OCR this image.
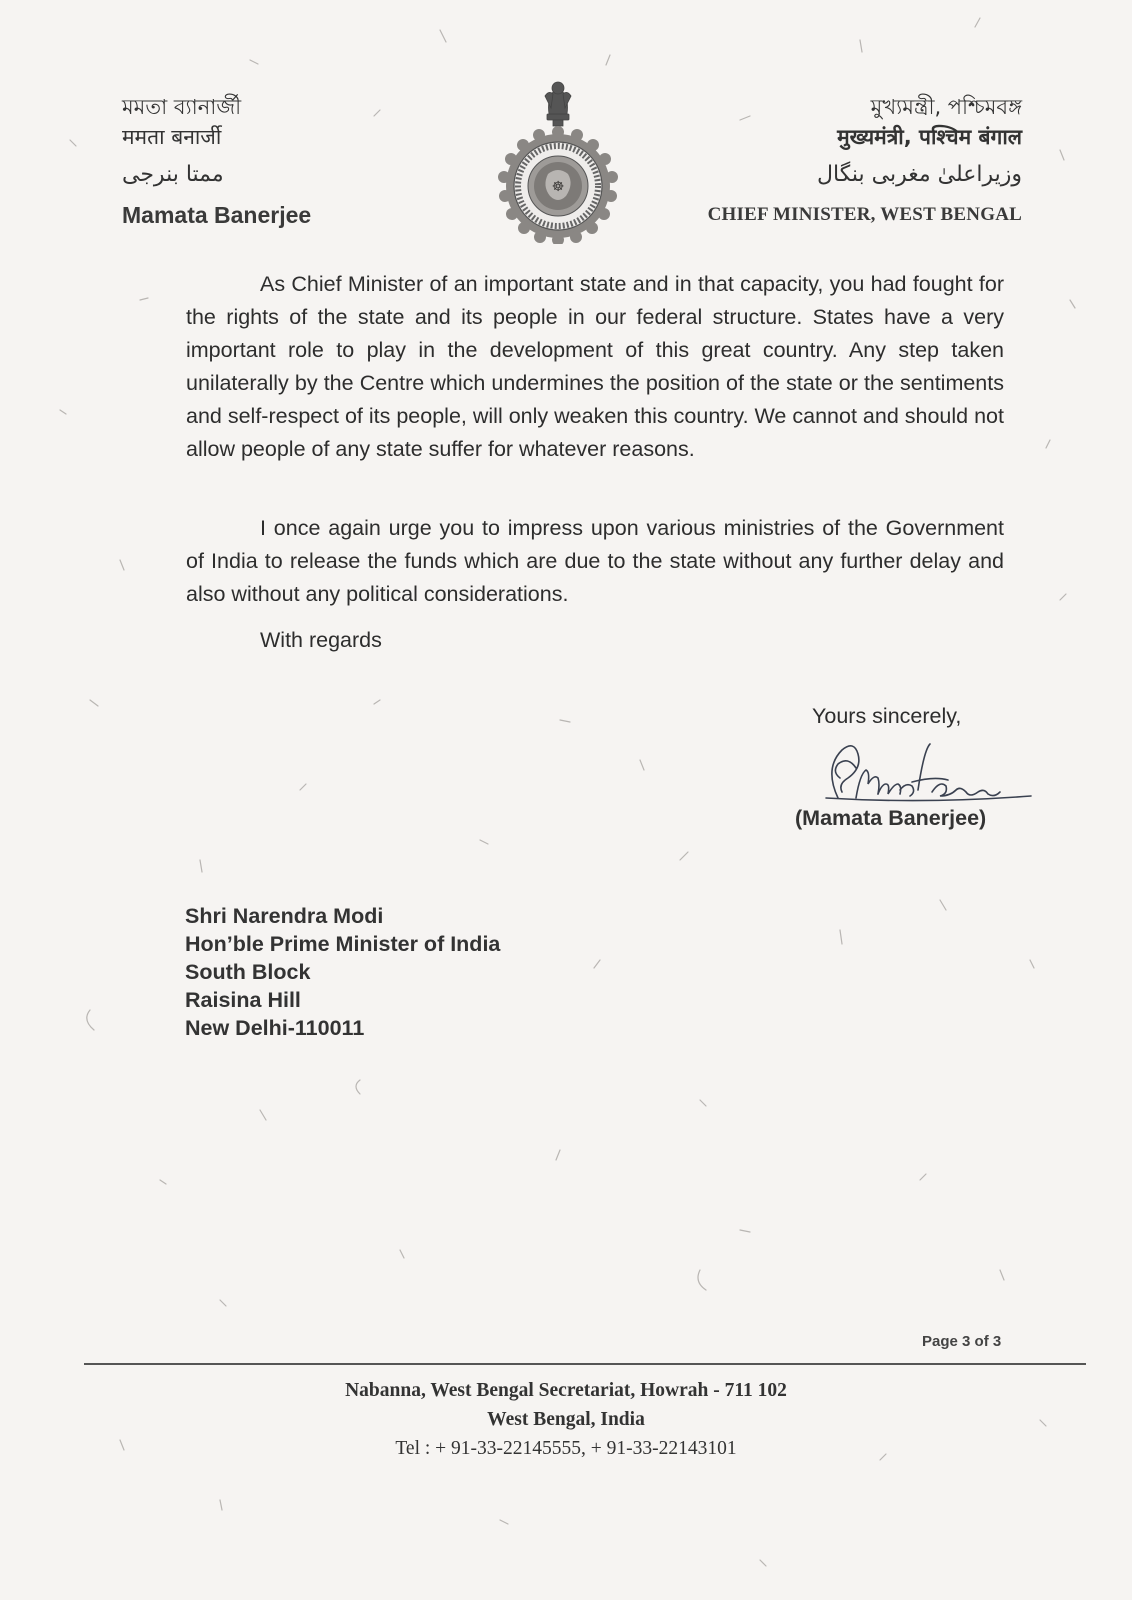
মমতা ব্যানার্জী
ममता बनार्जी
ممتا بنرجی
Mamata Banerjee
☸
মুখ্যমন্ত্রী, পশ্চিমবঙ্গ
मुख्यमंत्री, पश्चिम बंगाल
وزیراعلیٰ مغربی بنگال
CHIEF MINISTER, WEST BENGAL
As Chief Minister of an important state and in that capacity, you had fought for the rights of the state and its people in our federal structure. States have a very important role to play in the development of this great country. Any step taken unilaterally by the Centre which undermines the position of the state or the sentiments and self-respect of its people, will only weaken this country. We cannot and should not allow people of any state suffer for whatever reasons.
I once again urge you to impress upon various ministries of the Government of India to release the funds which are due to the state without any further delay and also without any political considerations.
With regards
Yours sincerely,
(Mamata Banerjee)
Shri Narendra Modi
Hon’ble Prime Minister of India
South Block
Raisina Hill
New Delhi-110011
Page 3 of 3
Nabanna, West Bengal Secretariat, Howrah - 711 102
West Bengal, India
Tel : + 91-33-22145555, + 91-33-22143101
